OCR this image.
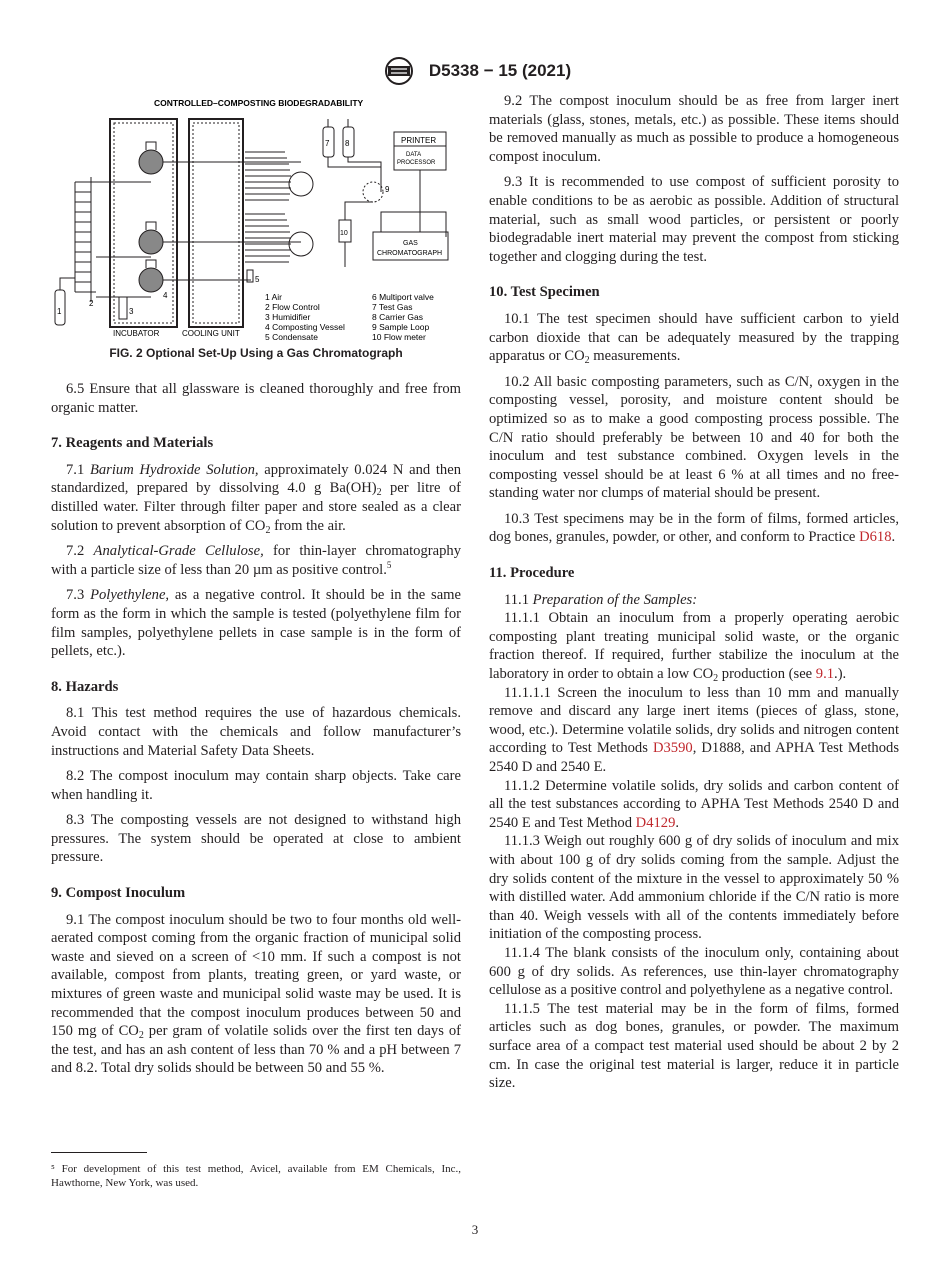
D5338 − 15 (2021)
CONTROLLED–COMPOSTING BIODEGRADABILITY
7 8	PRINTER
DATA
PROCESSOR
9
10
GAS
CHROMATOGRAPH
5
1
2
3
4
INCUBATOR	COOLING UNIT
1 Air
2 Flow Control
3 Humidifier
4 Composting Vessel
5 Condensate
6 Multiport valve
7 Test Gas
8 Carrier Gas
9 Sample Loop
10 Flow meter
FIG. 2 Optional Set-Up Using a Gas Chromatograph

6.5 Ensure that all glassware is cleaned thoroughly and free from organic matter.

7. Reagents and Materials

7.1 Barium Hydroxide Solution, approximately 0.024 N and then standardized, prepared by dissolving 4.0 g $Ba(OH)_2$ per litre of distilled water. Filter through filter paper and store sealed as a clear solution to prevent absorption of $CO_2$ from the air.

7.2 Analytical-Grade Cellulose, for thin-layer chromatography with a particle size of less than 20 µm as positive control.$^5$

7.3 Polyethylene, as a negative control. It should be in the same form as the form in which the sample is tested (polyethylene film for film samples, polyethylene pellets in case sample is in the form of pellets, etc.).

8. Hazards

8.1 This test method requires the use of hazardous chemicals. Avoid contact with the chemicals and follow manufacturer’s instructions and Material Safety Data Sheets.

8.2 The compost inoculum may contain sharp objects. Take care when handling it.

8.3 The composting vessels are not designed to withstand high pressures. The system should be operated at close to ambient pressure.

9. Compost Inoculum

9.1 The compost inoculum should be two to four months old well-aerated compost coming from the organic fraction of municipal solid waste and sieved on a screen of <10 mm. If such a compost is not available, compost from plants, treating green, or yard waste, or mixtures of green waste and municipal solid waste may be used. It is recommended that the compost inoculum produces between 50 and 150 mg of $CO_2$ per gram of volatile solids over the first ten days of the test, and has an ash content of less than 70 % and a pH between 7 and 8.2. Total dry solids should be between 50 and 55 %.

⁵ For development of this test method, Avicel, available from EM Chemicals, Inc., Hawthorne, New York, was used.

9.2 The compost inoculum should be as free from larger inert materials (glass, stones, metals, etc.) as possible. These items should be removed manually as much as possible to produce a homogeneous compost inoculum.

9.3 It is recommended to use compost of sufficient porosity to enable conditions to be as aerobic as possible. Addition of structural material, such as small wood particles, or persistent or poorly biodegradable inert material may prevent the compost from sticking together and clogging during the test.

10. Test Specimen

10.1 The test specimen should have sufficient carbon to yield carbon dioxide that can be adequately measured by the trapping apparatus or $CO_2$ measurements.

10.2 All basic composting parameters, such as C/N, oxygen in the composting vessel, porosity, and moisture content should be optimized so as to make a good composting process possible. The C/N ratio should preferably be between 10 and 40 for both the inoculum and test substance combined. Oxygen levels in the composting vessel should be at least 6 % at all times and no free-standing water nor clumps of material should be present.

10.3 Test specimens may be in the form of films, formed articles, dog bones, granules, powder, or other, and conform to Practice D618.

11. Procedure

11.1 Preparation of the Samples:

11.1.1 Obtain an inoculum from a properly operating aerobic composting plant treating municipal solid waste, or the organic fraction thereof. If required, further stabilize the inoculum at the laboratory in order to obtain a low $CO_2$ production (see 9.1.).

11.1.1.1 Screen the inoculum to less than 10 mm and manually remove and discard any large inert items (pieces of glass, stone, wood, etc.). Determine volatile solids, dry solids and nitrogen content according to Test Methods D3590, D1888, and APHA Test Methods 2540 D and 2540 E.

11.1.2 Determine volatile solids, dry solids and carbon content of all the test substances according to APHA Test Methods 2540 D and 2540 E and Test Method D4129.

11.1.3 Weigh out roughly 600 g of dry solids of inoculum and mix with about 100 g of dry solids coming from the sample. Adjust the dry solids content of the mixture in the vessel to approximately 50 % with distilled water. Add ammonium chloride if the C/N ratio is more than 40. Weigh vessels with all of the contents immediately before initiation of the composting process.

11.1.4 The blank consists of the inoculum only, containing about 600 g of dry solids. As references, use thin-layer chromatography cellulose as a positive control and polyethylene as a negative control.

11.1.5 The test material may be in the form of films, formed articles such as dog bones, granules, or powder. The maximum surface area of a compact test material used should be about 2 by 2 cm. In case the original test material is larger, reduce it in particle size.

3
